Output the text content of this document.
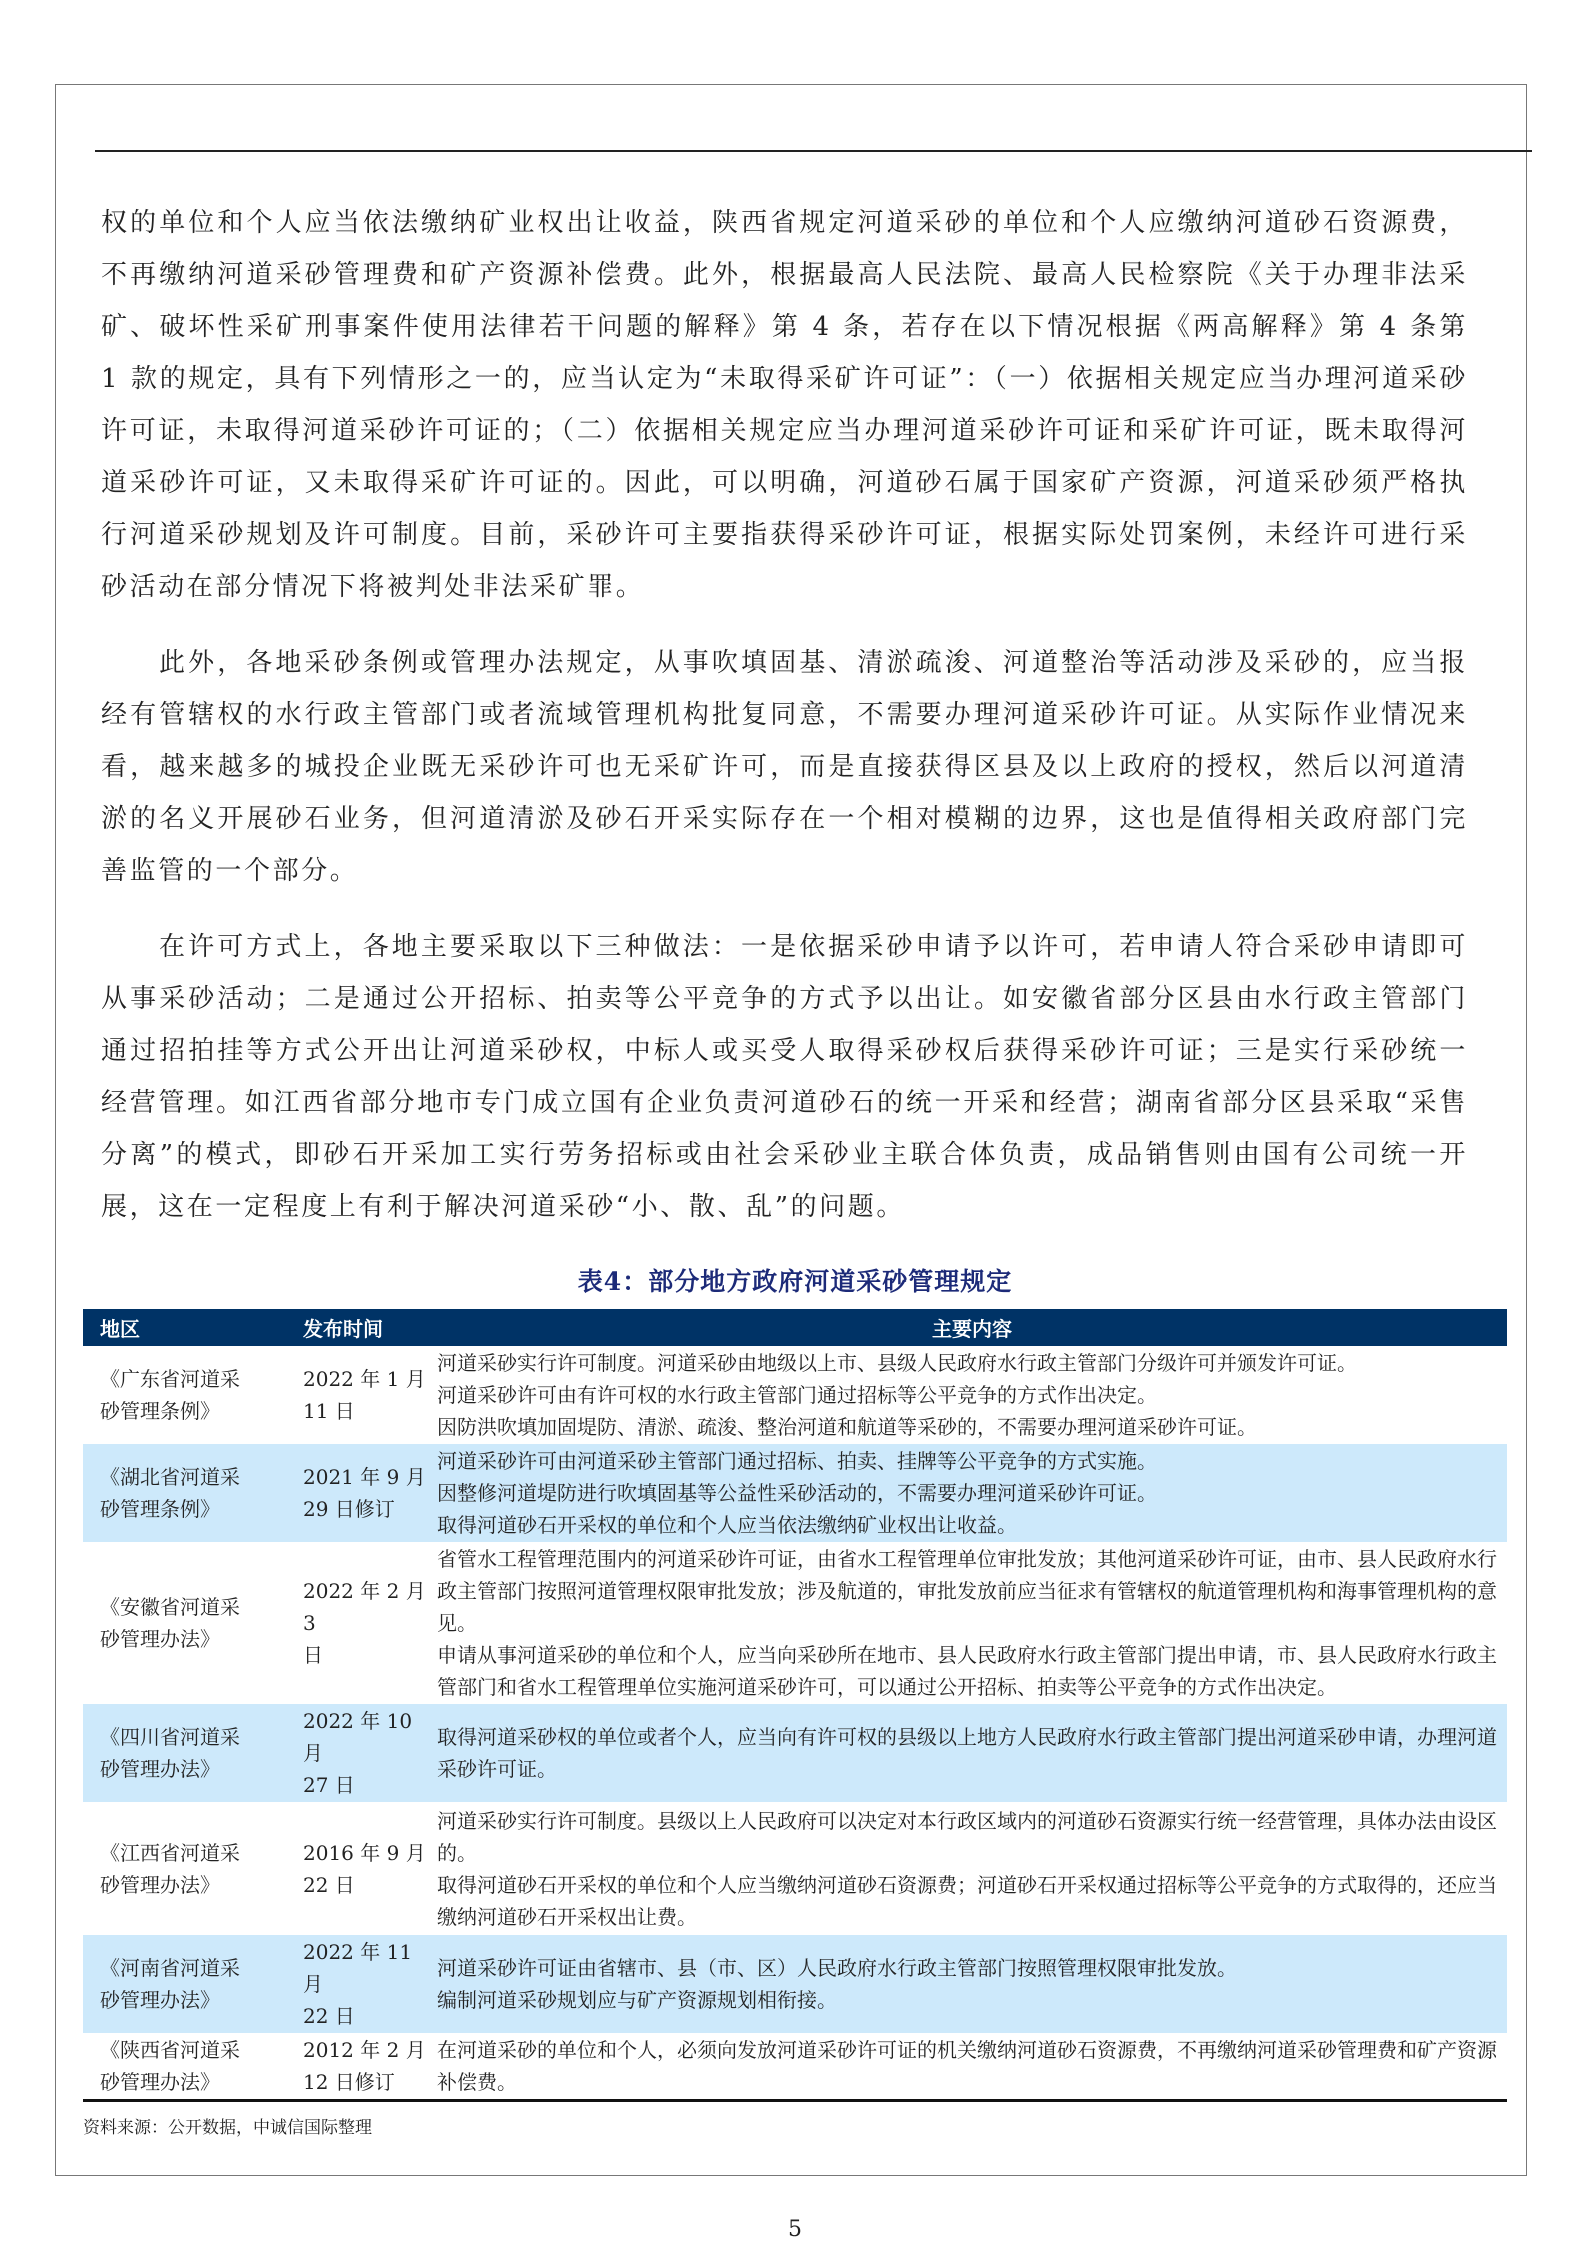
权的单位和个人应当依法缴纳矿业权出让收益，陕西省规定河道采砂的单位和个人应缴纳河道砂石资源费，不再缴纳河道采砂管理费和矿产资源补偿费。此外，根据最高人民法院、最高人民检察院《关于办理非法采矿、破坏性采矿刑事案件使用法律若干问题的解释》第 4 条，若存在以下情况根据《两高解释》第 4 条第 1 款的规定，具有下列情形之一的，应当认定为“未取得采矿许可证”：（一）依据相关规定应当办理河道采砂许可证，未取得河道采砂许可证的；（二）依据相关规定应当办理河道采砂许可证和采矿许可证，既未取得河道采砂许可证，又未取得采矿许可证的。因此，可以明确，河道砂石属于国家矿产资源，河道采砂须严格执行河道采砂规划及许可制度。目前，采砂许可主要指获得采砂许可证，根据实际处罚案例，未经许可进行采砂活动在部分情况下将被判处非法采矿罪。

此外，各地采砂条例或管理办法规定，从事吹填固基、清淤疏浚、河道整治等活动涉及采砂的，应当报经有管辖权的水行政主管部门或者流域管理机构批复同意，不需要办理河道采砂许可证。从实际作业情况来看，越来越多的城投企业既无采砂许可也无采矿许可，而是直接获得区县及以上政府的授权，然后以河道清淤的名义开展砂石业务，但河道清淤及砂石开采实际存在一个相对模糊的边界，这也是值得相关政府部门完善监管的一个部分。

在许可方式上，各地主要采取以下三种做法：一是依据采砂申请予以许可，若申请人符合采砂申请即可从事采砂活动；二是通过公开招标、拍卖等公平竞争的方式予以出让。如安徽省部分区县由水行政主管部门通过招拍挂等方式公开出让河道采砂权，中标人或买受人取得采砂权后获得采砂许可证；三是实行采砂统一经营管理。如江西省部分地市专门成立国有企业负责河道砂石的统一开采和经营；湖南省部分区县采取“采售分离”的模式，即砂石开采加工实行劳务招标或由社会采砂业主联合体负责，成品销售则由国有公司统一开展，这在一定程度上有利于解决河道采砂“小、散、乱”的问题。

表4：部分地方政府河道采砂管理规定
地区	发布时间	主要内容
《广东省河道采砂管理条例》
2022 年 1 月
11 日
河道采砂实行许可制度。河道采砂由地级以上市、县级人民政府水行政主管部门分级许可并颁发许可证。
河道采砂许可由有许可权的水行政主管部门通过招标等公平竞争的方式作出决定。
因防洪吹填加固堤防、清淤、疏浚、整治河道和航道等采砂的，不需要办理河道采砂许可证。
《湖北省河道采砂管理条例》
2021 年 9 月
29 日修订
河道采砂许可由河道采砂主管部门通过招标、拍卖、挂牌等公平竞争的方式实施。
因整修河道堤防进行吹填固基等公益性采砂活动的，不需要办理河道采砂许可证。
取得河道砂石开采权的单位和个人应当依法缴纳矿业权出让收益。
《安徽省河道采砂管理办法》
2022 年 2 月 3
日
省管水工程管理范围内的河道采砂许可证，由省水工程管理单位审批发放；其他河道采砂许可证，由市、县人民政府水行政主管部门按照河道管理权限审批发放；涉及航道的，审批发放前应当征求有管辖权的航道管理机构和海事管理机构的意见。
申请从事河道采砂的单位和个人，应当向采砂所在地市、县人民政府水行政主管部门提出申请，市、县人民政府水行政主管部门和省水工程管理单位实施河道采砂许可，可以通过公开招标、拍卖等公平竞争的方式作出决定。
《四川省河道采砂管理办法》
2022 年 10 月
27 日
取得河道采砂权的单位或者个人，应当向有许可权的县级以上地方人民政府水行政主管部门提出河道采砂申请，办理河道采砂许可证。
《江西省河道采砂管理办法》
2016 年 9 月
22 日
河道采砂实行许可制度。县级以上人民政府可以决定对本行政区域内的河道砂石资源实行统一经营管理，具体办法由设区的。
取得河道砂石开采权的单位和个人应当缴纳河道砂石资源费；河道砂石开采权通过招标等公平竞争的方式取得的，还应当缴纳河道砂石开采权出让费。
《河南省河道采砂管理办法》
2022 年 11 月
22 日
河道采砂许可证由省辖市、县（市、区）人民政府水行政主管部门按照管理权限审批发放。
编制河道采砂规划应与矿产资源规划相衔接。
《陕西省河道采砂管理办法》
2012 年 2 月
12 日修订
在河道采砂的单位和个人，必须向发放河道采砂许可证的机关缴纳河道砂石资源费，不再缴纳河道采砂管理费和矿产资源补偿费。
资料来源：公开数据，中诚信国际整理
5
